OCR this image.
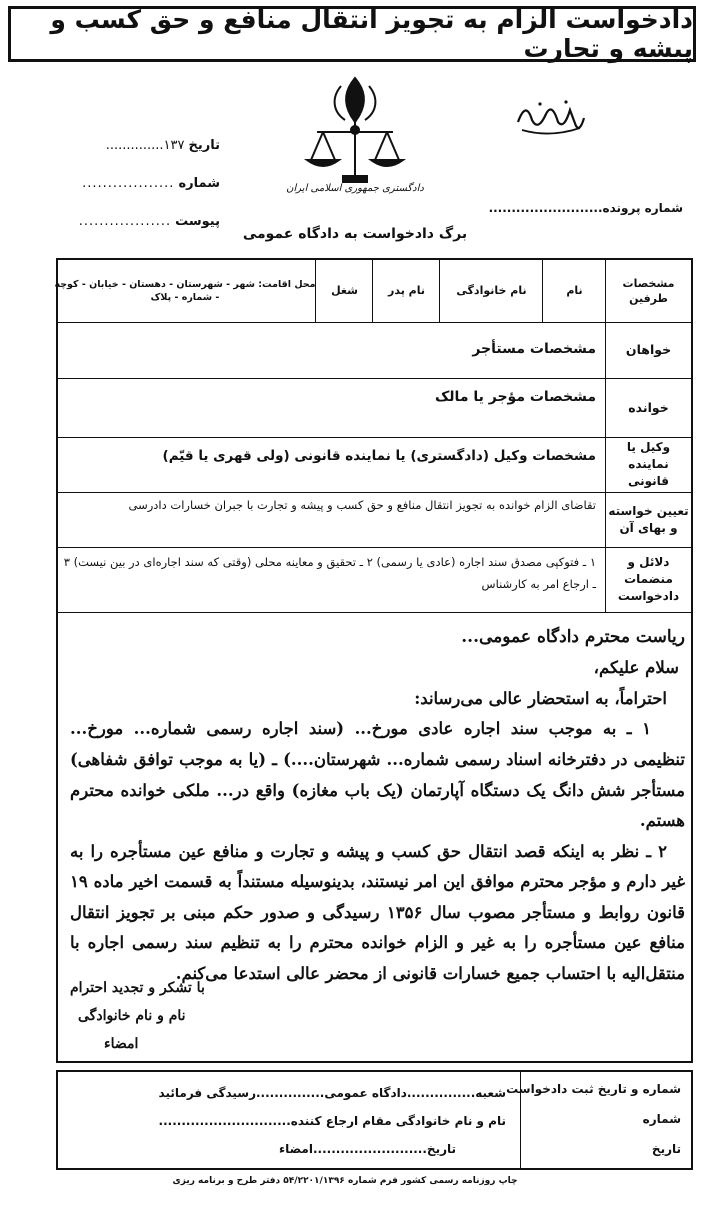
دادخواست الزام به تجویز انتقال منافع و حق کسب و پیشه و تجارت
دادگستری جمهوری اسلامی ایران
..............۱۳۷ تاریخ
.................. شماره
.................. پیوست
شماره پرونده.........................
برگ دادخواست به دادگاه عمومی
مشخصات طرفین
نام
نام خانوادگی
نام پدر
شغل
محل اقامت: شهر - شهرستان - دهستان - خیابان - کوچه - شماره - پلاک
خواهان
مشخصات مستأجر
خوانده
مشخصات مؤجر یا مالک
وکیل یا نماینده قانونی
مشخصات وکیل (دادگستری) یا نماینده قانونی (ولی قهری یا قیّم)
تعیین خواسته و بهای آن
تقاضای الزام خوانده به تجویز انتقال منافع و حق کسب و پیشه و تجارت با جبران خسارات دادرسی
دلائل و منضمات دادخواست
۱ ـ فتوکپی مصدق سند اجاره (عادی یا رسمی) ۲ ـ تحقیق و معاینه محلی (وقتی که سند اجاره‌ای در بین نیست) ۳ ـ ارجاع امر به کارشناس

ریاست محترم دادگاه عمومی...

سلام علیکم،

احتراماً، به استحضار عالی می‌رساند:

۱ ـ به موجب سند اجاره عادی مورخ... (سند اجاره رسمی شماره... مورخ... تنظیمی در دفترخانه اسناد رسمی شماره... شهرستان....) ـ (یا به موجب توافق شفاهی) مستأجر شش دانگ یک دستگاه آپارتمان (یک باب مغازه) واقع در... ملکی خوانده محترم هستم.

۲ ـ نظر به اینکه قصد انتقال حق کسب و پیشه و تجارت و منافع عین مستأجره را به غیر دارم و مؤجر محترم موافق این امر نیستند، بدینوسیله مستنداً به قسمت اخیر ماده ۱۹ قانون روابط و مستأجر مصوب سال ۱۳۵۶ رسیدگی و صدور حکم مبنی بر تجویز انتقال منافع عین مستأجره را به غیر و الزام خوانده محترم را به تنظیم سند رسمی اجاره با منتقل‌الیه با احتساب جمیع خسارات قانونی از محضر عالی استدعا می‌کنم.

با تشکر و تجدید احترام
نام و نام خانوادگی
امضاء
شماره و تاریخ ثبت دادخواست
شماره
تاریخ
شعبه...............دادگاه عمومی...............رسیدگی فرمائید
نام و نام خانوادگی مقام ارجاع کننده.............................
تاریخ.........................امضاء
چاپ روزنامه رسمی کشور فرم شماره ۵۴/۲۲۰۱/۱۳۹۶ دفتر طرح و برنامه ریزی
